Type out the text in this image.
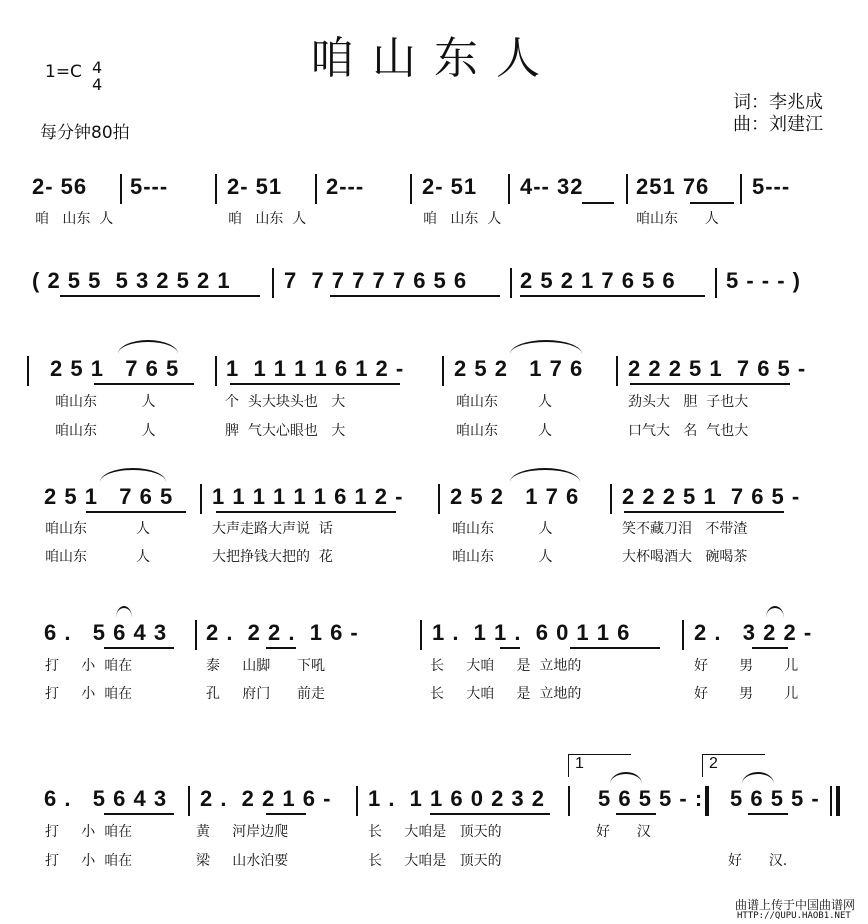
咱山东人
1=C 4
4
每分钟80拍
词：李兆成
曲：刘建江
2- 56 5---	2- 51 2---	2- 51 4-- 32 251 76 5---
咱   山东  人	咱   山东  人	咱   山东  人	咱山东      人
( 2 5 5  5 3 2 5 2 1 7  7 7 7 7 7 6 5 6 2 5 2 1 7 6 5 6 5 - - - )
2 5 1   7 6 5 1  1 1 1 1 6 1 2 - 2 5 2   1 7 6 2 2 2 5 1  7 6 5 -
咱山东          人	个  头大块头也   大	咱山东         人	劲头大   胆  子也大
咱山东          人	脾  气大心眼也   大	咱山东         人	口气大   名  气也大
2 5 1   7 6 5 1 1 1 1 1 1 6 1 2 - 2 5 2   1 7 6 2 2 2 5 1  7 6 5 -
咱山东           人	大声走路大声说  话	咱山东          人	笑不藏刀泪   不带渣
咱山东           人	大把挣钱大把的  花	咱山东          人	大杯喝酒大   碗喝茶
6 .   5 6 4 3 2 .  2 2 .  1 6 -	1 .  1 1 .  6 0 1 1 6	2 .   3 2 2 -
打     小  咱在	泰     山脚      下吼	长     大咱     是  立地的	好       男       儿
打     小  咱在	孔     府门      前走	长     大咱     是  立地的	好       男       儿
6 .   5 6 4 3 2 .  2 2 1 6 - 1 .  1 1 6 0 2 3 2 5 6 5 5 - : 5 6 5 5 -
1	2
打     小  咱在	黄     河岸边爬	长     大咱是   顶天的	好      汉
打     小  咱在	梁     山水泊要	长     大咱是   顶天的	好      汉.
曲谱上传于中国曲谱网
HTTP://QUPU.HAOB1.NET
